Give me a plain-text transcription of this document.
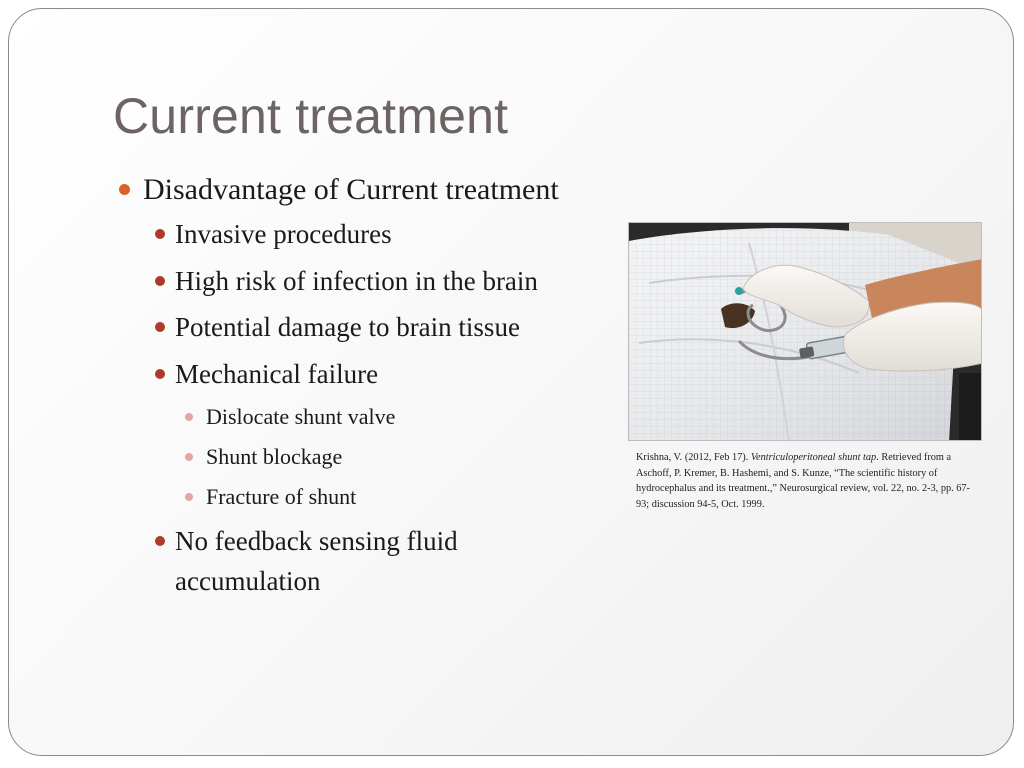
Current treatment
Disadvantage of Current treatment
Invasive procedures
High risk of infection in the brain
Potential damage to brain tissue
Mechanical failure
Dislocate shunt valve
Shunt blockage
Fracture of shunt
No feedback sensing fluid accumulation
Krishna, V. (2012, Feb 17). Ventriculoperitoneal shunt tap. Retrieved from a Aschoff, P. Kremer, B. Hashemi, and S. Kunze, “The scientific history of hydrocephalus and its treatment.,” Neurosurgical review, vol. 22, no. 2-3, pp. 67-93; discussion 94-5, Oct. 1999.
